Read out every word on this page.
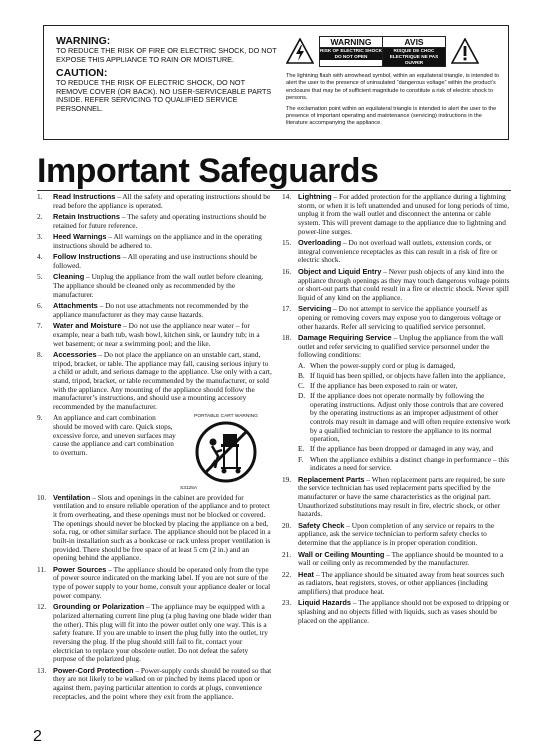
WARNING:
TO REDUCE THE RISK OF FIRE OR ELECTRIC SHOCK, DO NOT EXPOSE THIS APPLIANCE TO RAIN OR MOISTURE.
CAUTION:
TO REDUCE THE RISK OF ELECTRIC SHOCK, DO NOT REMOVE COVER (OR BACK). NO USER-SERVICEABLE PARTS INSIDE. REFER SERVICING TO QUALIFIED SERVICE PERSONNEL.
WARNING
RISK OF ELECTRIC SHOCK DO NOT OPEN
AVIS
RISQUE DE CHOC ELECTRIQUE NE PAS OUVRIR
The lightning flash with arrowhead symbol, within an equilateral triangle, is intended to alert the user to the presence of uninsulated “dangerous voltage” within the product’s enclosure that may be of sufficient magnitude to constitute a risk of electric shock to persons.
The exclamation point within an equilateral triangle is intended to alert the user to the presence of important operating and maintenance (servicing) instructions in the literature accompanying the appliance.
Important Safeguards
1.	Read Instructions – All the safety and operating instructions should be read before the appliance is operated.
2.	Retain Instructions – The safety and operating instructions should be retained for future reference.
3.	Heed Warnings – All warnings on the appliance and in the operating instructions should be adhered to.
4.	Follow Instructions – All operating and use instructions should be followed.
5.	Cleaning – Unplug the appliance from the wall outlet before cleaning. The appliance should be cleaned only as recommended by the manufacturer.
6.	Attachments – Do not use attachments not recommended by the appliance manufacturer as they may cause hazards.
7.	Water and Moisture – Do not use the appliance near water – for example, near a bath tub, wash bowl, kitchen sink, or laundry tub; in a wet basement; or near a swimming pool; and the like.
8.	Accessories – Do not place the appliance on an unstable cart, stand, tripod, bracket, or table. The appliance may fall, causing serious injury to a child or adult, and serious damage to the appliance. Use only with a cart, stand, tripod, bracket, or table recommended by the manufacturer, or sold with the appliance. Any mounting of the appliance should follow the manufacturer’s instructions, and should use a mounting accessory recommended by the manufacturer.
9.	An appliance and cart combination should be moved with care. Quick stops, excessive force, and uneven surfaces may cause the appliance and cart combination to overturn.
PORTABLE CART WARNING
S3125A
10. Ventilation – Slots and openings in the cabinet are provided for ventilation and to ensure reliable operation of the appliance and to protect it from overheating, and these openings must not be blocked or covered. The openings should never be blocked by placing the appliance on a bed, sofa, rug, or other similar surface. The appliance should not be placed in a built-in installation such as a bookcase or rack unless proper ventilation is provided. There should be free space of at least 5 cm (2 in.) and an opening behind the appliance.
11. Power Sources – The appliance should be operated only from the type of power source indicated on the marking label. If you are not sure of the type of power supply to your home, consult your appliance dealer or local power company.
12. Grounding or Polarization – The appliance may be equipped with a polarized alternating current line plug (a plug having one blade wider than the other). This plug will fit into the power outlet only one way. This is a safety feature. If you are unable to insert the plug fully into the outlet, try reversing the plug. If the plug should still fail to fit, contact your electrician to replace your obsolete outlet. Do not defeat the safety purpose of the polarized plug.
13. Power-Cord Protection – Power-supply cords should be routed so that they are not likely to be walked on or pinched by items placed upon or against them, paying particular attention to cords at plugs, convenience receptacles, and the point where they exit from the appliance.
14. Lightning – For added protection for the appliance during a lightning storm, or when it is left unattended and unused for long periods of time, unplug it from the wall outlet and disconnect the antenna or cable system. This will prevent damage to the appliance due to lightning and power-line surges.
15. Overloading – Do not overload wall outlets, extension cords, or integral convenience receptacles as this can result in a risk of fire or electric shock.
16. Object and Liquid Entry – Never push objects of any kind into the appliance through openings as they may touch dangerous voltage points or short-out parts that could result in a fire or electric shock. Never spill liquid of any kind on the appliance.
17. Servicing – Do not attempt to service the appliance yourself as opening or removing covers may expose you to dangerous voltage or other hazards. Refer all servicing to qualified service personnel.
18. Damage Requiring Service – Unplug the appliance from the wall outlet and refer servicing to qualified service personnel under the following conditions:
A. When the power-supply cord or plug is damaged,
B. If liquid has been spilled, or objects have fallen into the appliance,
C. If the appliance has been exposed to rain or water,
D. If the appliance does not operate normally by following the operating instructions. Adjust only those controls that are covered by the operating instructions as an improper adjustment of other controls may result in damage and will often require extensive work by a qualified technician to restore the appliance to its normal operation,
E. If the appliance has been dropped or damaged in any way, and
F. When the appliance exhibits a distinct change in performance – this indicates a need for service.
19. Replacement Parts – When replacement parts are required, be sure the service technician has used replacement parts specified by the manufacturer or have the same characteristics as the original part. Unauthorized substitutions may result in fire, electric shock, or other hazards.
20. Safety Check – Upon completion of any service or repairs to the appliance, ask the service technician to perform safety checks to determine that the appliance is in proper operation condition.
21. Wall or Ceiling Mounting – The appliance should be mounted to a wall or ceiling only as recommended by the manufacturer.
22. Heat – The appliance should be situated away from heat sources such as radiators, heat registers, stoves, or other appliances (including amplifiers) that produce heat.
23. Liquid Hazards – The appliance should not be exposed to dripping or splashing and no objects filled with liquids, such as vases should be placed on the appliance.
2
